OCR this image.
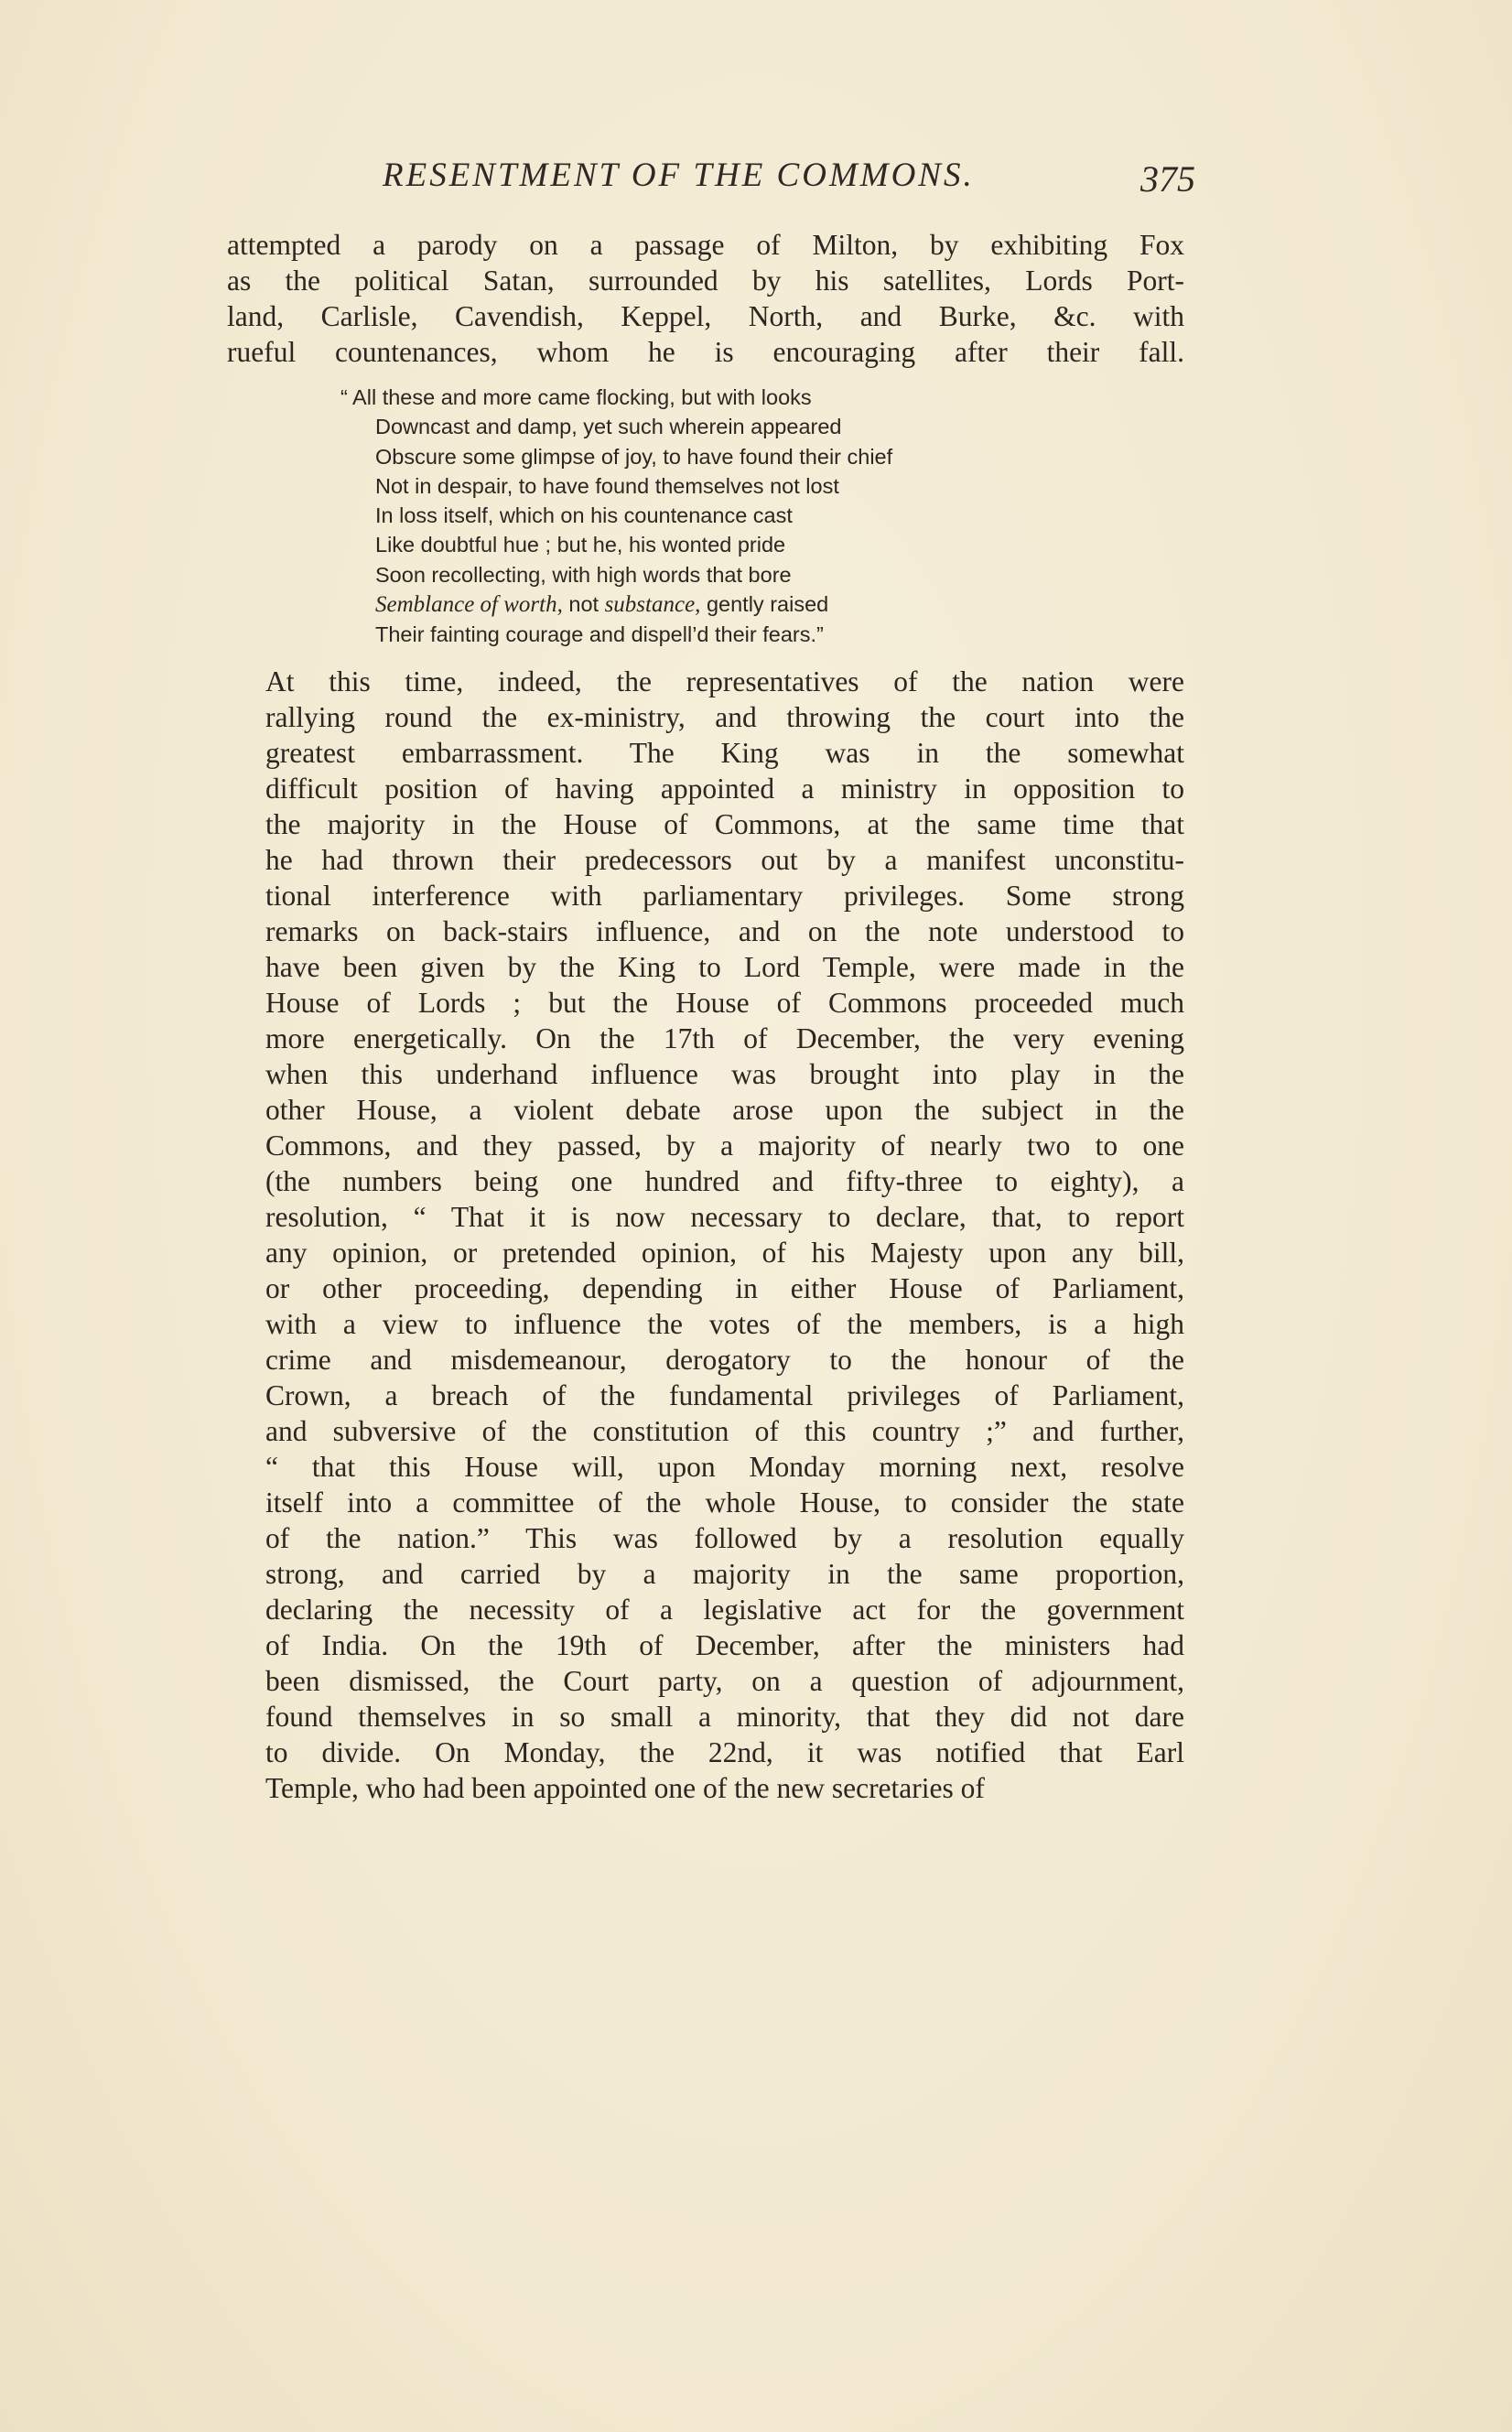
RESENTMENT OF THE COMMONS.	375
attempted a parody on a passage of Milton, by exhibiting Fox
as the political Satan, surrounded by his satellites, Lords Port-
land, Carlisle, Cavendish, Keppel, North, and Burke, &c. with
rueful countenances, whom he is encouraging after their fall.
“ All these and more came flocking, but with looks
Downcast and damp, yet such wherein appeared
Obscure some glimpse of joy, to have found their chief
Not in despair, to have found themselves not lost
In loss itself, which on his countenance cast
Like doubtful hue ; but he, his wonted pride
Soon recollecting, with high words that bore
Semblance of worth, not substance, gently raised
Their fainting courage and dispell’d their fears.”
At this time, indeed, the representatives of the nation were
rallying round the ex-ministry, and throwing the court into the
greatest embarrassment. The King was in the somewhat
difficult position of having appointed a ministry in opposition to
the majority in the House of Commons, at the same time that
he had thrown their predecessors out by a manifest unconstitu-
tional interference with parliamentary privileges. Some strong
remarks on back-stairs influence, and on the note understood to
have been given by the King to Lord Temple, were made in the
House of Lords ; but the House of Commons proceeded much
more energetically. On the 17th of December, the very evening
when this underhand influence was brought into play in the
other House, a violent debate arose upon the subject in the
Commons, and they passed, by a majority of nearly two to one
(the numbers being one hundred and fifty-three to eighty), a
resolution, “ That it is now necessary to declare, that, to report
any opinion, or pretended opinion, of his Majesty upon any bill,
or other proceeding, depending in either House of Parliament,
with a view to influence the votes of the members, is a high
crime and misdemeanour, derogatory to the honour of the
Crown, a breach of the fundamental privileges of Parliament,
and subversive of the constitution of this country ;” and further,
“ that this House will, upon Monday morning next, resolve
itself into a committee of the whole House, to consider the state
of the nation.” This was followed by a resolution equally
strong, and carried by a majority in the same proportion,
declaring the necessity of a legislative act for the government
of India. On the 19th of December, after the ministers had
been dismissed, the Court party, on a question of adjournment,
found themselves in so small a minority, that they did not dare
to divide. On Monday, the 22nd, it was notified that Earl
Temple, who had been appointed one of the new secretaries of
